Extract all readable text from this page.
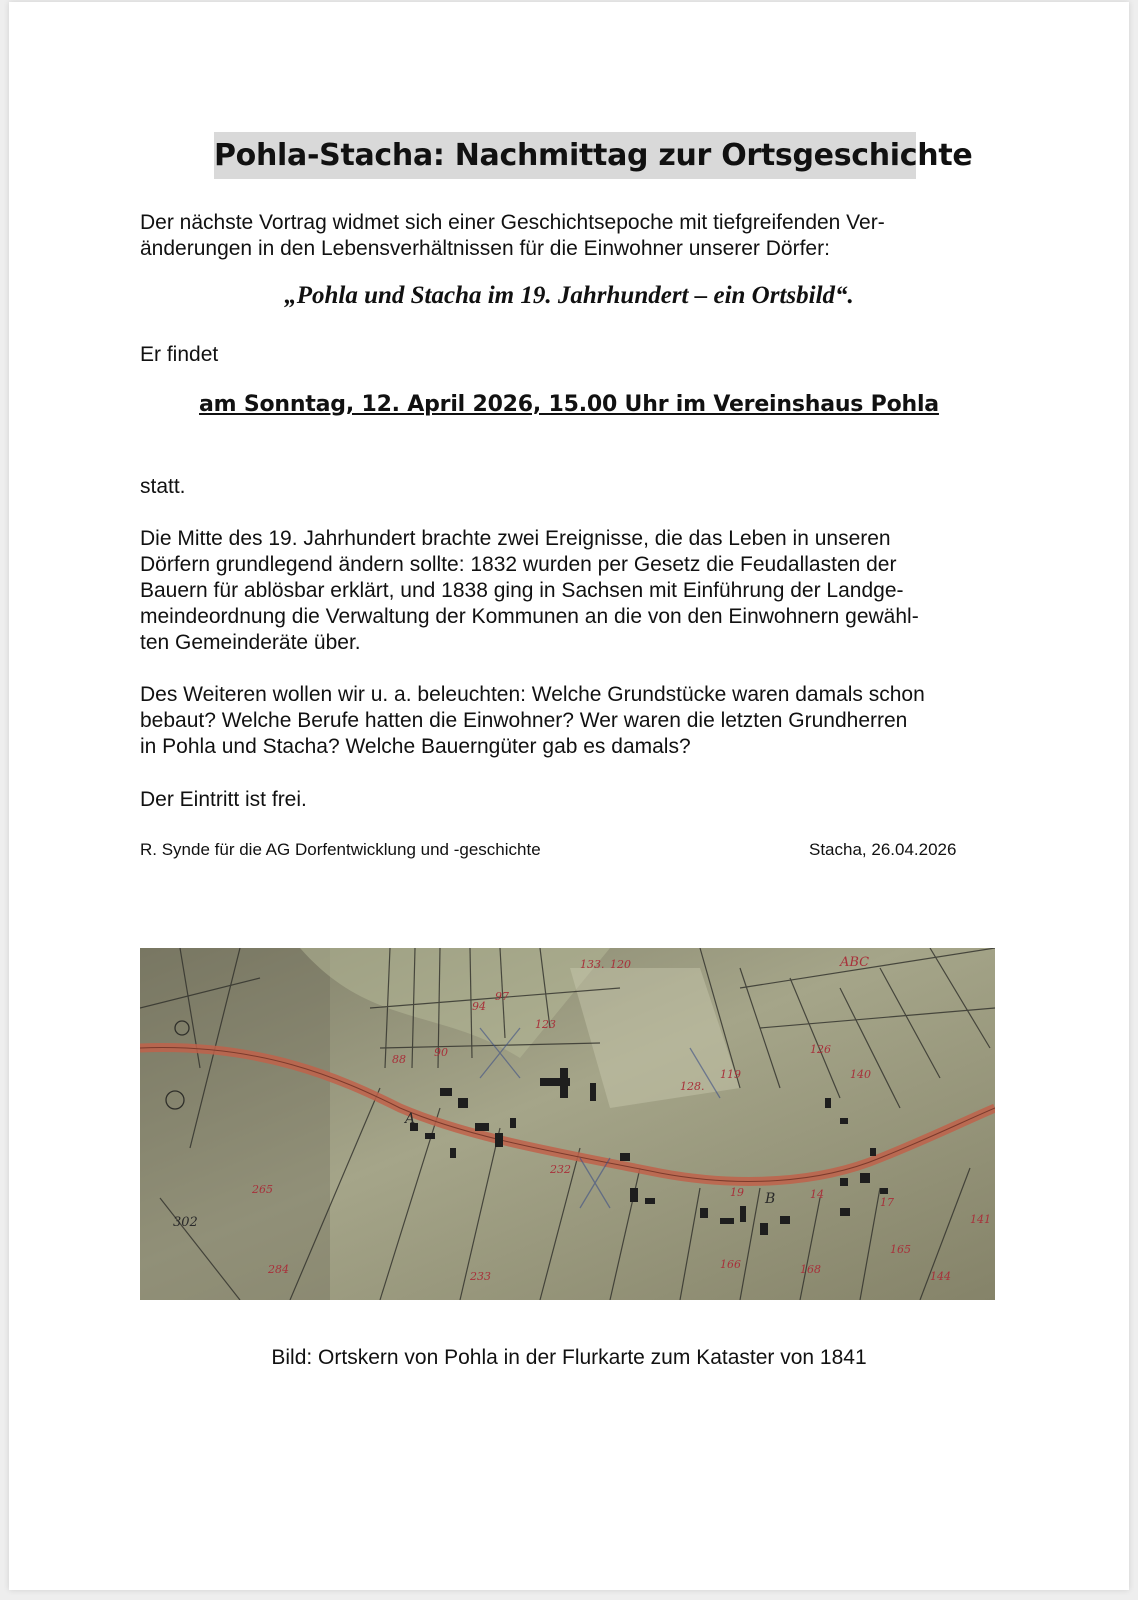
Pohla-Stacha: Nachmittag zur Ortsgeschichte
Der nächste Vortrag widmet sich einer Geschichtsepoche mit tiefgreifenden Ver-
änderungen in den Lebensverhältnissen für die Einwohner unserer Dörfer:
„Pohla und Stacha im 19. Jahrhundert – ein Ortsbild“.
Er findet
am Sonntag, 12. April 2026, 15.00 Uhr im Vereinshaus Pohla
statt.
Die Mitte des 19. Jahrhundert brachte zwei Ereignisse, die das Leben in unseren
Dörfern grundlegend ändern sollte: 1832 wurden per Gesetz die Feudallasten der
Bauern für ablösbar erklärt, und 1838 ging in Sachsen mit Einführung der Landge-
meindeordnung die Verwaltung der Kommunen an die von den Einwohnern gewähl-
ten Gemeinderäte über.
Des Weiteren wollen wir u. a. beleuchten: Welche Grundstücke waren damals schon
bebaut? Welche Berufe hatten die Einwohner? Wer waren die letzten Grundherren
in Pohla und Stacha? Welche Bauerngüter gab es damals?
Der Eintritt ist frei.
R. Synde für die AG Dorfentwicklung und -geschichte	Stacha, 26.04.2026
ABC
128.
133.
119
120
123
126
140
88
90
94
97
265
284
302
233
232
168
165
166
144
141
17
19	14
B
A
Bild: Ortskern von Pohla in der Flurkarte zum Kataster von 1841
